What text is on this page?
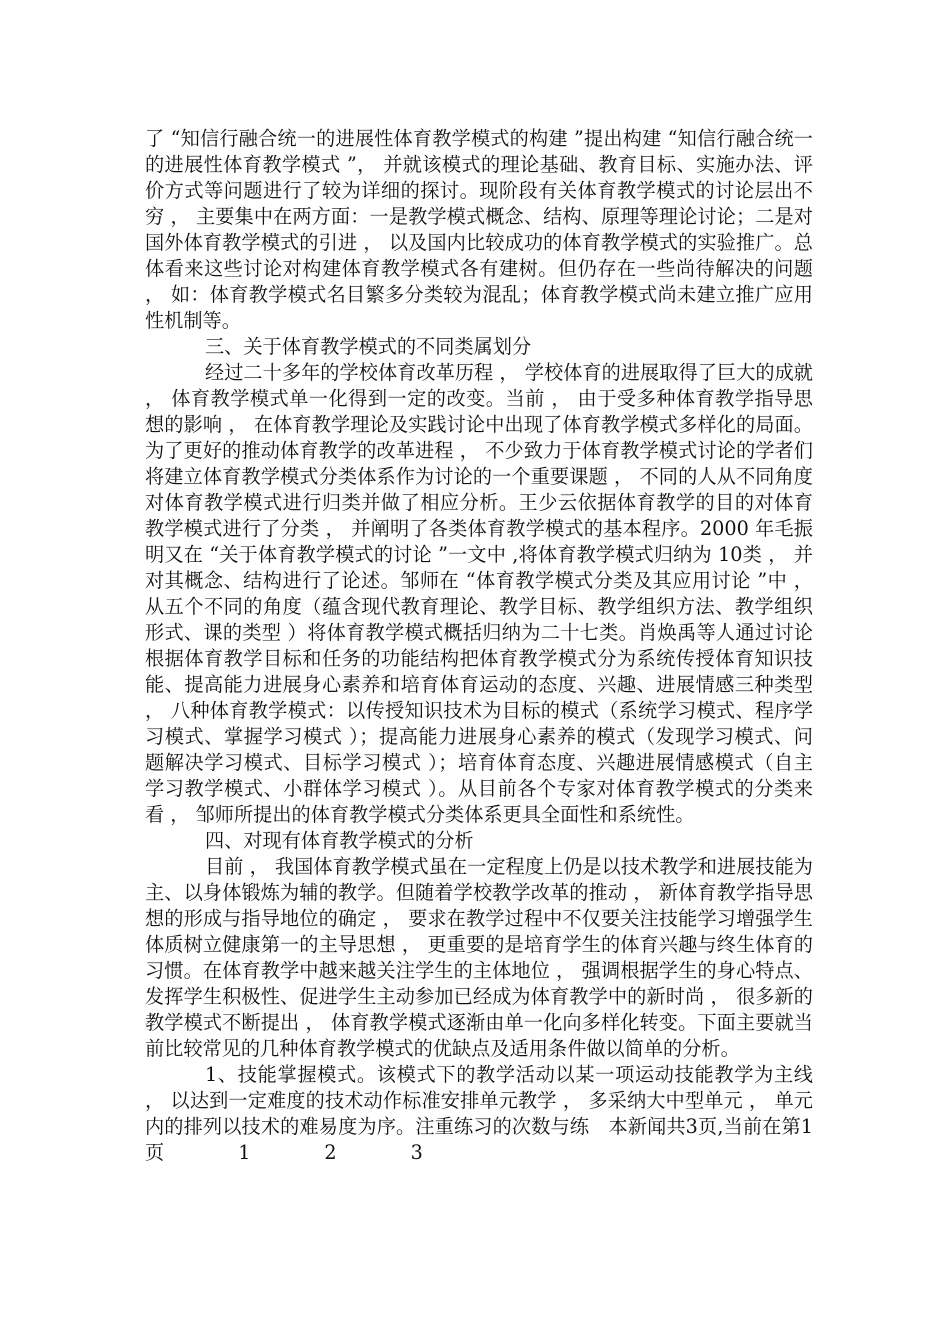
了 “知信行融合统一的进展性体育教学模式的构建 ”提出构建 “知信行融合统一的进展性体育教学模式 ”， 并就该模式的理论基础、教育目标、实施办法、评价方式等问题进行了较为详细的探讨。现阶段有关体育教学模式的讨论层出不穷 ， 主要集中在两方面：一是教学模式概念、结构、原理等理论讨论；二是对国外体育教学模式的引进 ， 以及国内比较成功的体育教学模式的实验推广。总体看来这些讨论对构建体育教学模式各有建树。但仍存在一些尚待解决的问题 ， 如：体育教学模式名目繁多分类较为混乱；体育教学模式尚未建立推广应用性机制等。

三、关于体育教学模式的不同类属划分

经过二十多年的学校体育改革历程 ， 学校体育的进展取得了巨大的成就 ， 体育教学模式单一化得到一定的改变。当前 ， 由于受多种体育教学指导思想的影响 ， 在体育教学理论及实践讨论中出现了体育教学模式多样化的局面。为了更好的推动体育教学的改革进程 ， 不少致力于体育教学模式讨论的学者们将建立体育教学模式分类体系作为讨论的一个重要课题 ， 不同的人从不同角度对体育教学模式进行归类并做了相应分析。王少云依据体育教学的目的对体育教学模式进行了分类 ， 并阐明了各类体育教学模式的基本程序。2000 年毛振明又在 “关于体育教学模式的讨论 ”一文中 ,将体育教学模式归纳为 10类 ， 并对其概念、结构进行了论述。邹师在 “体育教学模式分类及其应用讨论 ”中 ， 从五个不同的角度（蕴含现代教育理论、教学目标、教学组织方法、教学组织形式、课的类型 ）将体育教学模式概括归纳为二十七类。肖焕禹等人通过讨论根据体育教学目标和任务的功能结构把体育教学模式分为系统传授体育知识技能、提高能力进展身心素养和培育体育运动的态度、兴趣、进展情感三种类型 ， 八种体育教学模式：以传授知识技术为目标的模式（系统学习模式、程序学习模式、掌握学习模式 ）；提高能力进展身心素养的模式（发现学习模式、问题解决学习模式、目标学习模式 ）；培育体育态度、兴趣进展情感模式（自主学习教学模式、小群体学习模式 ）。从目前各个专家对体育教学模式的分类来看 ， 邹师所提出的体育教学模式分类体系更具全面性和系统性。

四、对现有体育教学模式的分析

目前 ， 我国体育教学模式虽在一定程度上仍是以技术教学和进展技能为主、以身体锻炼为辅的教学。但随着学校教学改革的推动 ， 新体育教学指导思想的形成与指导地位的确定 ， 要求在教学过程中不仅要关注技能学习增强学生体质树立健康第一的主导思想 ， 更重要的是培育学生的体育兴趣与终生体育的习惯。在体育教学中越来越关注学生的主体地位 ， 强调根据学生的身心特点、发挥学生积极性、促进学生主动参加已经成为体育教学中的新时尚 ， 很多新的教学模式不断提出 ， 体育教学模式逐渐由单一化向多样化转变。下面主要就当前比较常见的几种体育教学模式的优缺点及适用条件做以简单的分析。

1、技能掌握模式。该模式下的教学活动以某一项运动技能教学为主线 ， 以达到一定难度的技术动作标准安排单元教学 ， 多采纳大中型单元 ， 单元内的排列以技术的难易度为序。注重练习的次数与练　本新闻共3页,当前在第1页	1	2	3
